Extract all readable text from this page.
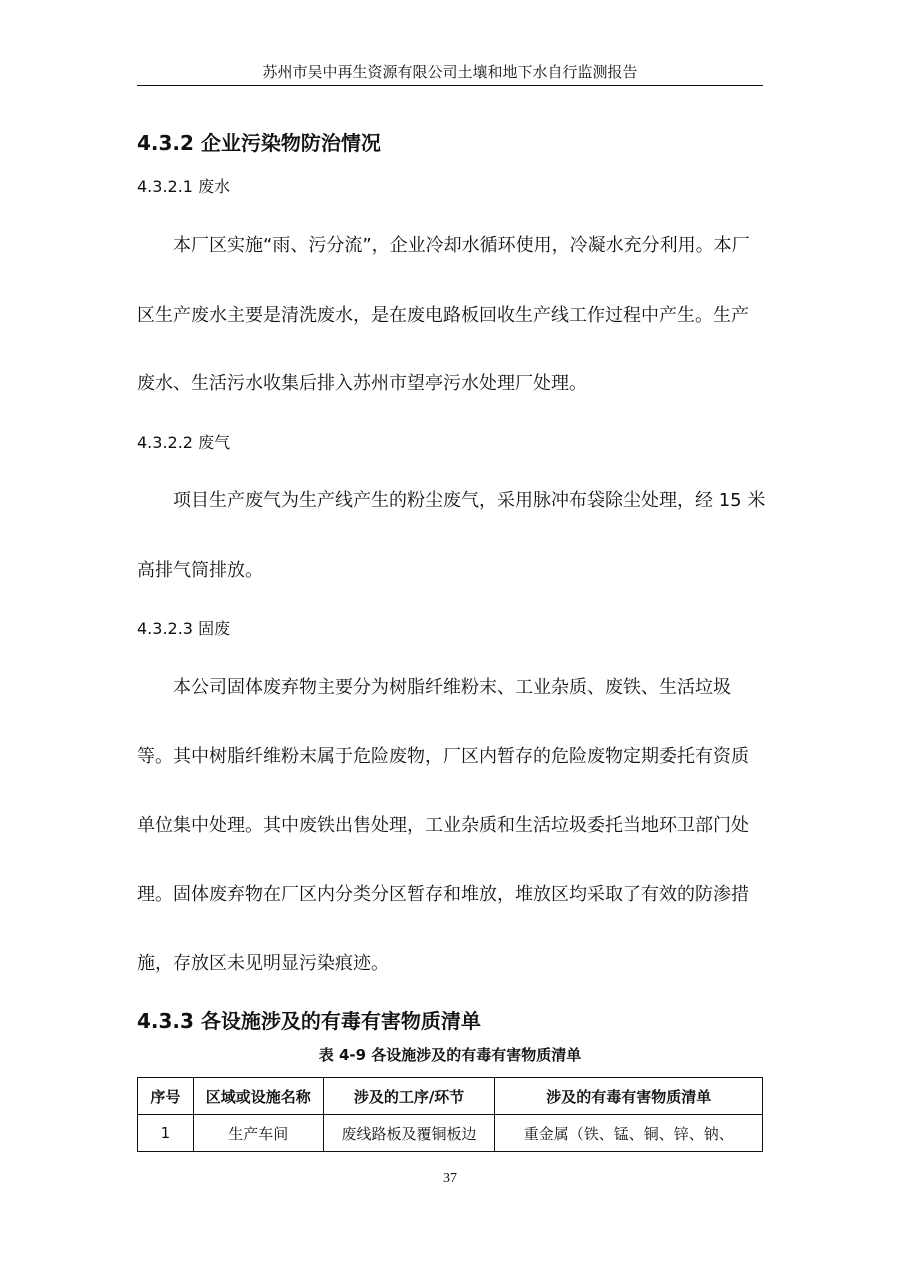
苏州市吴中再生资源有限公司土壤和地下水自行监测报告
4.3.2 企业污染物防治情况
4.3.2.1 废水
本厂区实施“雨、污分流”，企业冷却水循环使用，冷凝水充分利用。本厂
区生产废水主要是清洗废水，是在废电路板回收生产线工作过程中产生。生产
废水、生活污水收集后排入苏州市望亭污水处理厂处理。
4.3.2.2 废气
项目生产废气为生产线产生的粉尘废气，采用脉冲布袋除尘处理，经 15 米
高排气筒排放。
4.3.2.3 固废
本公司固体废弃物主要分为树脂纤维粉末、工业杂质、废铁、生活垃圾
等。其中树脂纤维粉末属于危险废物，厂区内暂存的危险废物定期委托有资质
单位集中处理。其中废铁出售处理，工业杂质和生活垃圾委托当地环卫部门处
理。固体废弃物在厂区内分类分区暂存和堆放，堆放区均采取了有效的防渗措
施，存放区未见明显污染痕迹。
4.3.3 各设施涉及的有毒有害物质清单
表 4-9 各设施涉及的有毒有害物质清单
序号	区域或设施名称	涉及的工序/环节	涉及的有毒有害物质清单
1	生产车间	废线路板及覆铜板边	重金属（铁、锰、铜、锌、钠、
37
